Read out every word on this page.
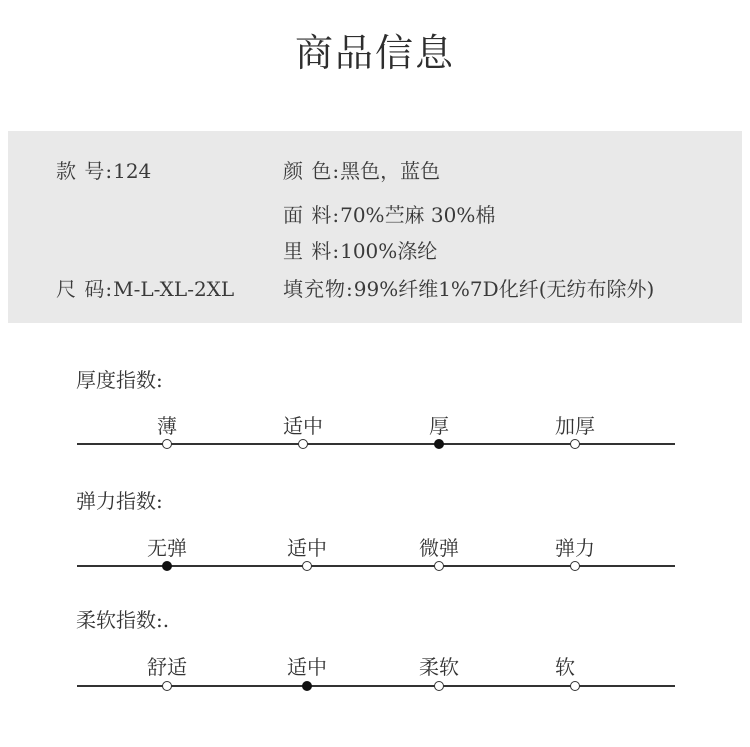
商品信息
款 号:124	颜 色:黑色，蓝色
面 料:70%苎麻 30%棉
里 料:100%涤纶
尺 码:M-L-XL-2XL 填充物:99%纤维1%7D化纤(无纺布除外)
厚度指数:
薄	适中	厚	加厚
弹力指数:
无弹	适中	微弹	弹力
柔软指数:.
舒适	适中	柔软	软
